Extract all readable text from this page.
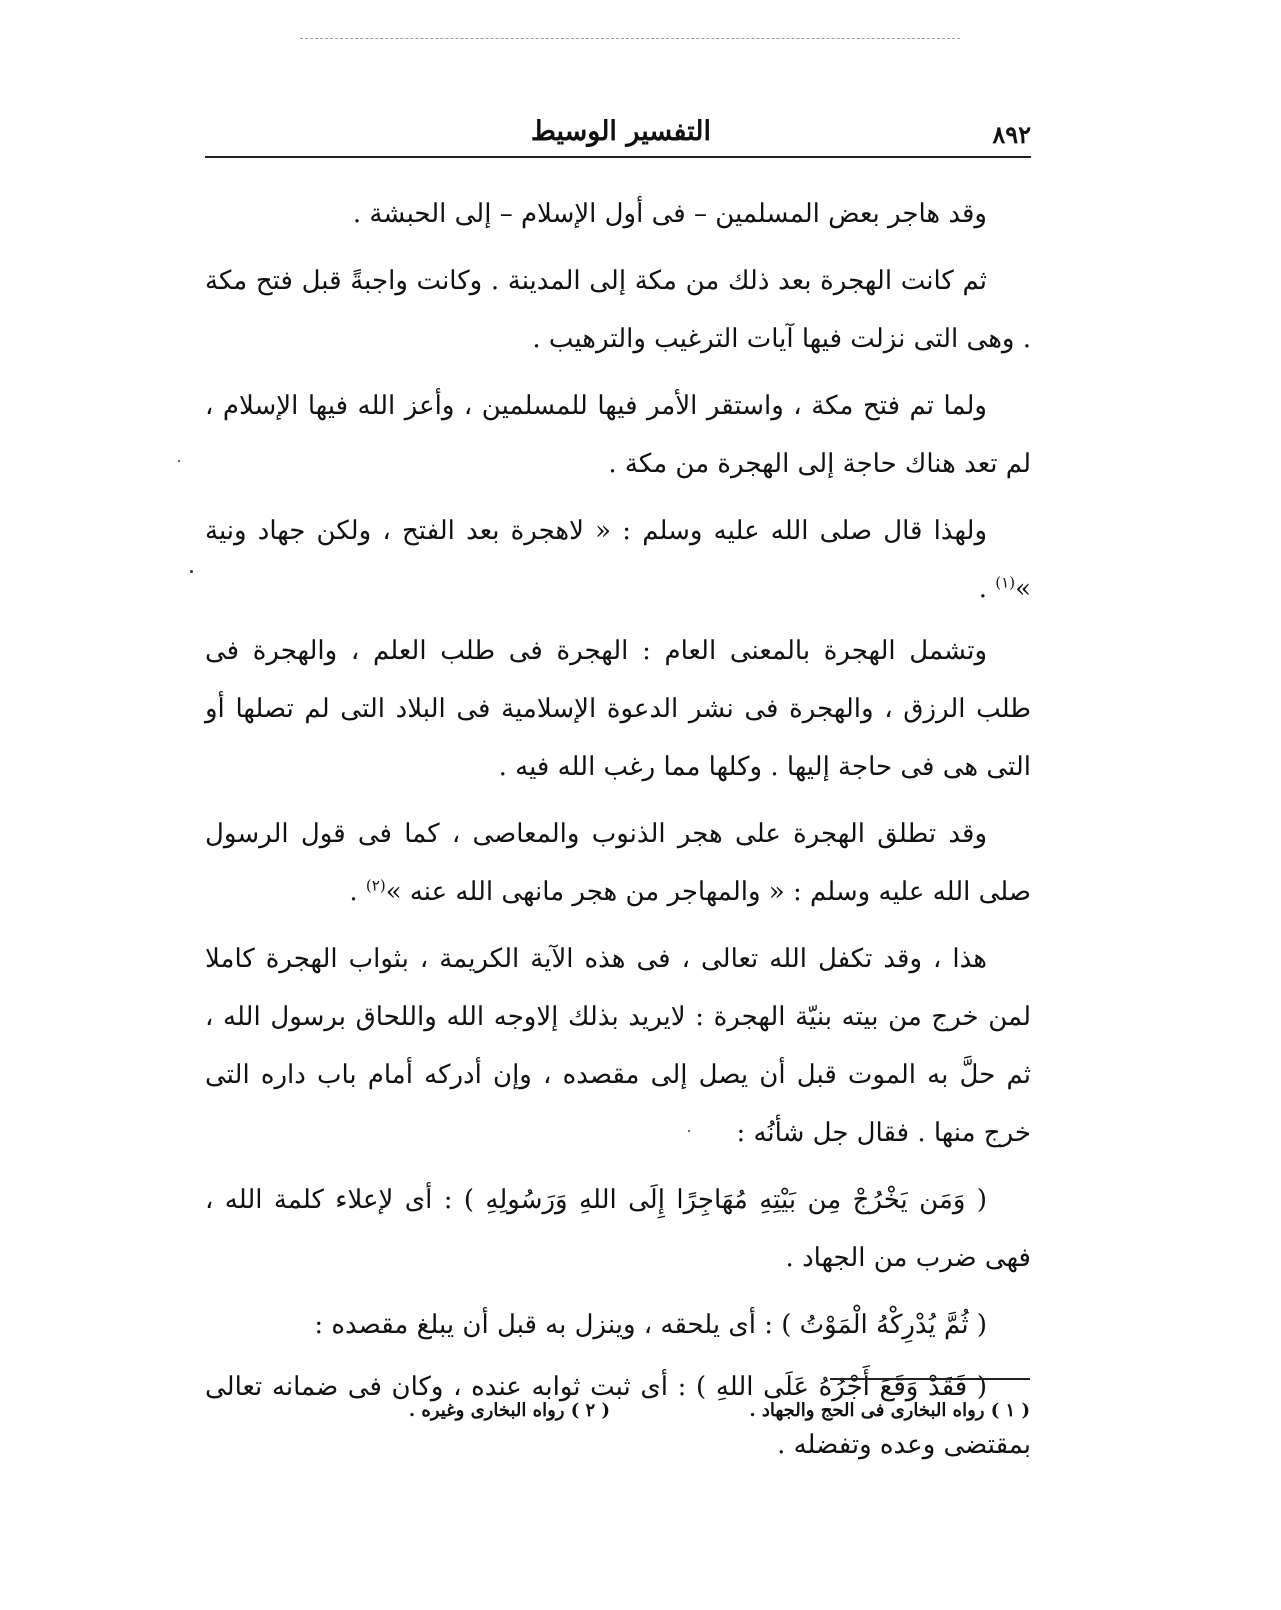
٨٩٢
التفسير الوسيط

وقد هاجر بعض المسلمين – فى أول الإسلام – إلى الحبشة .

ثم كانت الهجرة بعد ذلك من مكة إلى المدينة . وكانت واجبةً قبل فتح مكة . وهى التى نزلت فيها آيات الترغيب والترهيب .

ولما تم فتح مكة ، واستقر الأمر فيها للمسلمين ، وأعز الله فيها الإسلام ، لم تعد هناك حاجة إلى الهجرة من مكة .

ولهذا قال صلى الله عليه وسلم : « لاهجرة بعد الفتح ، ولكن جهاد ونية »$^{(١)}$ .

وتشمل الهجرة بالمعنى العام : الهجرة فى طلب العلم ، والهجرة فى طلب الرزق ، والهجرة فى نشر الدعوة الإسلامية فى البلاد التى لم تصلها أو التى هى فى حاجة إليها . وكلها مما رغب الله فيه .

وقد تطلق الهجرة على هجر الذنوب والمعاصى ، كما فى قول الرسول صلى الله عليه وسلم : « والمهاجر من هجر مانهى الله عنه »$^{(٢)}$ .

هذا ، وقد تكفل الله تعالى ، فى هذه الآية الكريمة ، بثواب الهجرة كاملا لمن خرج من بيته بنيّة الهجرة : لايريد بذلك إلاوجه الله واللحاق برسول الله ، ثم حلَّ به الموت قبل أن يصل إلى مقصده ، وإن أدركه أمام باب داره التى خرج منها . فقال جل شأنُه :

( وَمَن يَخْرُجْ مِن بَيْتِهِ مُهَاجِرًا إِلَى اللهِ وَرَسُولِهِ ) : أى لإعلاء كلمة الله ، فهى ضرب من الجهاد .

( ثُمَّ يُدْرِكْهُ الْمَوْتُ ) : أى يلحقه ، وينزل به قبل أن يبلغ مقصده :

( فَقَدْ وَقَعَ أَجْرُهُ عَلَى اللهِ ) : أى ثبت ثوابه عنده ، وكان فى ضمانه تعالى بمقتضى وعده وتفضله .

( ١ ) رواه البخارى فى الحج والجهاد .
( ٢ ) رواه البخارى وغيره .
